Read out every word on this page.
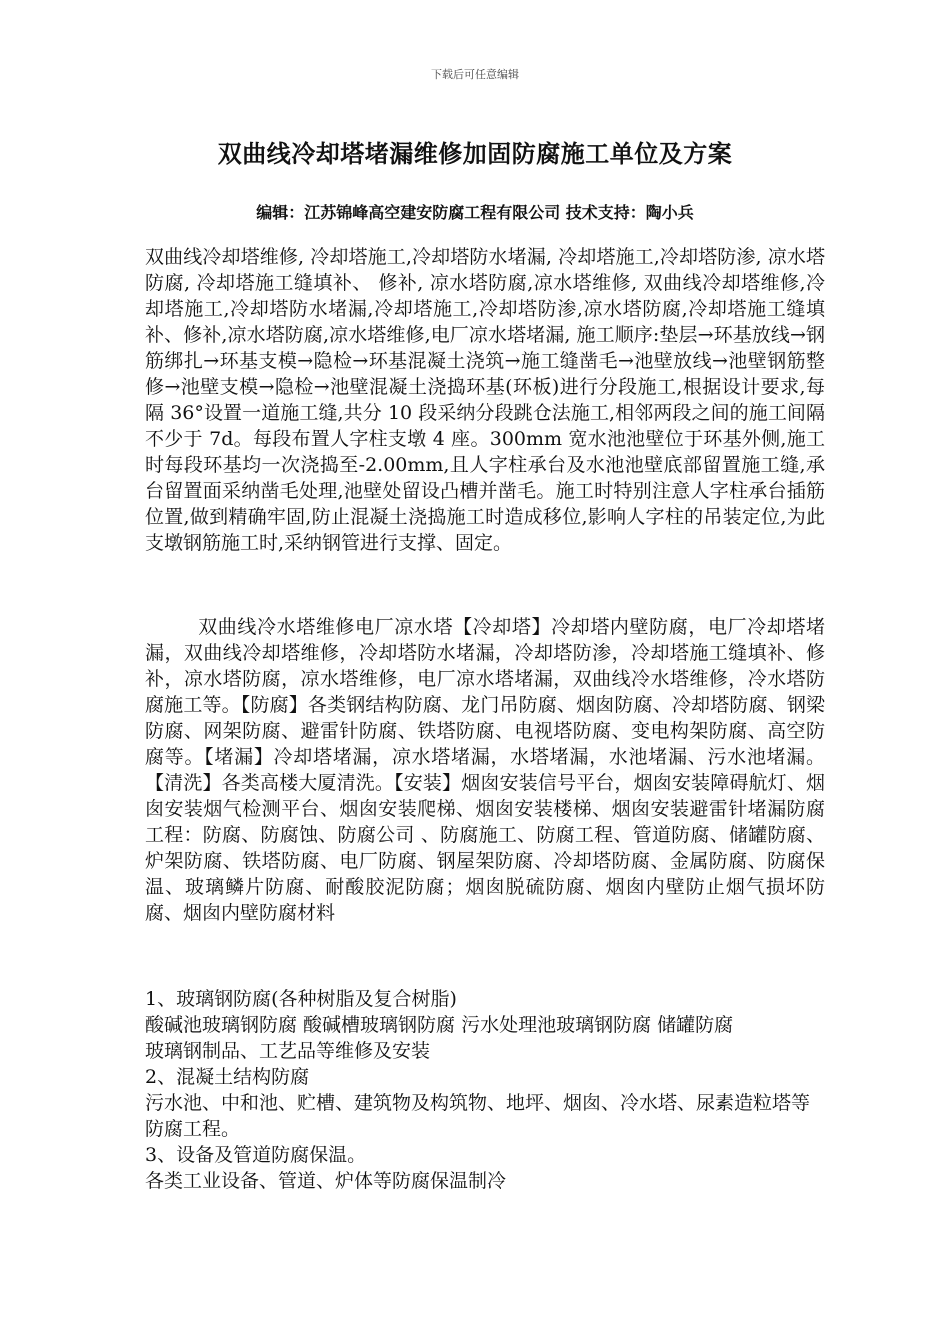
下载后可任意编辑
双曲线冷却塔堵漏维修加固防腐施工单位及方案
编辑：江苏锦峰高空建安防腐工程有限公司 技术支持：陶小兵

双曲线冷却塔维修, 冷却塔施工,冷却塔防水堵漏, 冷却塔施工,冷却塔防渗, 凉水塔防腐, 冷却塔施工缝填补、 修补, 凉水塔防腐,凉水塔维修, 双曲线冷却塔维修,冷却塔施工,冷却塔防水堵漏,冷却塔施工,冷却塔防渗,凉水塔防腐,冷却塔施工缝填补、修补,凉水塔防腐,凉水塔维修,电厂凉水塔堵漏, 施工顺序:垫层→环基放线→钢筋绑扎→环基支模→隐检→环基混凝土浇筑→施工缝凿毛→池壁放线→池壁钢筋整修→池壁支模→隐检→池壁混凝土浇捣环基(环板)进行分段施工,根据设计要求,每隔 36°设置一道施工缝,共分 10 段采纳分段跳仓法施工,相邻两段之间的施工间隔不少于 7d。每段布置人字柱支墩 4 座。300mm 宽水池池壁位于环基外侧,施工时每段环基均一次浇捣至-2.00mm,且人字柱承台及水池池壁底部留置施工缝,承台留置面采纳凿毛处理,池壁处留设凸槽并凿毛。施工时特别注意人字柱承台插筋位置,做到精确牢固,防止混凝土浇捣施工时造成移位,影响人字柱的吊装定位,为此支墩钢筋施工时,采纳钢管进行支撑、固定。

双曲线冷水塔维修电厂凉水塔【冷却塔】冷却塔内壁防腐，电厂冷却塔堵漏，双曲线冷却塔维修，冷却塔防水堵漏，冷却塔防渗，冷却塔施工缝填补、修补，凉水塔防腐，凉水塔维修，电厂凉水塔堵漏，双曲线冷水塔维修，冷水塔防腐施工等。【防腐】各类钢结构防腐、龙门吊防腐、烟囱防腐、冷却塔防腐、钢梁防腐、网架防腐、避雷针防腐、铁塔防腐、电视塔防腐、变电构架防腐、高空防腐等。【堵漏】冷却塔堵漏，凉水塔堵漏，水塔堵漏，水池堵漏、污水池堵漏。【清洗】各类高楼大厦清洗。【安装】烟囱安装信号平台，烟囱安装障碍航灯、烟囱安装烟气检测平台、烟囱安装爬梯、烟囱安装楼梯、烟囱安装避雷针堵漏防腐工程：防腐、防腐蚀、防腐公司 、防腐施工、防腐工程、管道防腐、储罐防腐、炉架防腐、铁塔防腐、电厂防腐、钢屋架防腐、冷却塔防腐、金属防腐、防腐保温、玻璃鳞片防腐、耐酸胶泥防腐；烟囱脱硫防腐、烟囱内壁防止烟气损坏防腐、烟囱内壁防腐材料

1、玻璃钢防腐(各种树脂及复合树脂)

酸碱池玻璃钢防腐 酸碱槽玻璃钢防腐 污水处理池玻璃钢防腐 储罐防腐

玻璃钢制品、工艺品等维修及安装

2、混凝土结构防腐

污水池、中和池、贮槽、建筑物及构筑物、地坪、烟囱、冷水塔、尿素造粒塔等防腐工程。

3、设备及管道防腐保温。

各类工业设备、管道、炉体等防腐保温制冷
